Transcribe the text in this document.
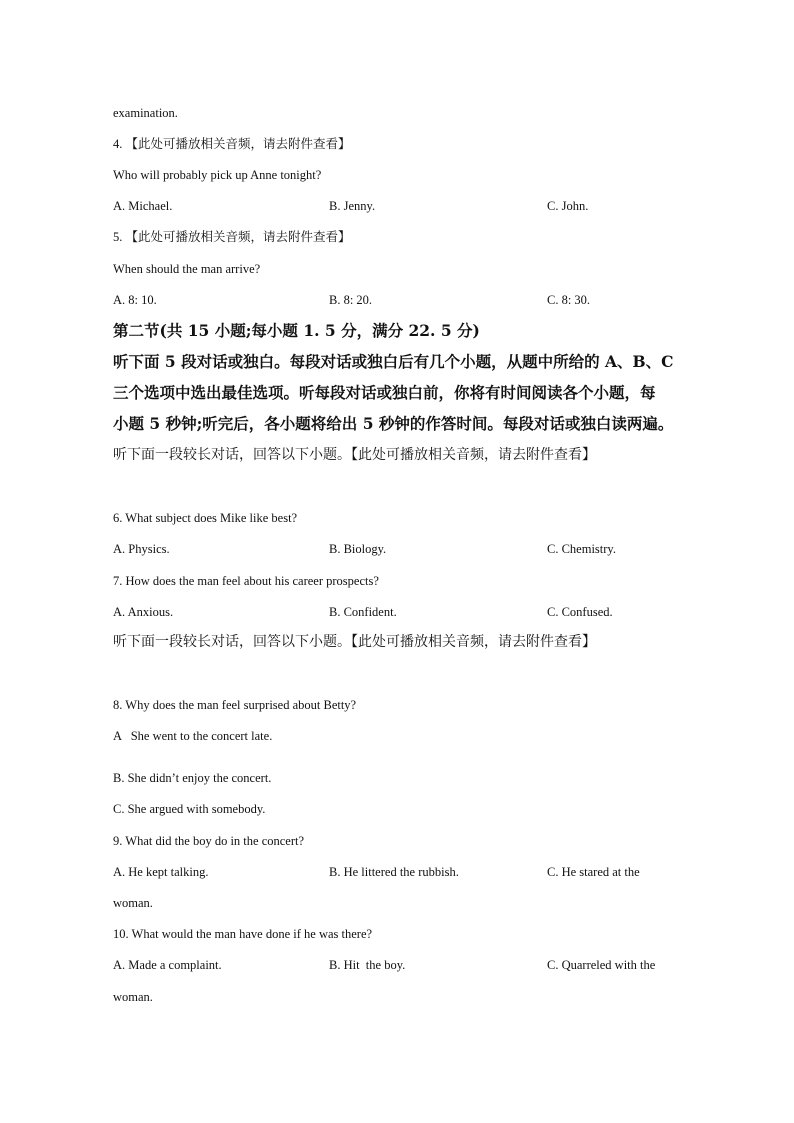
examination.
4. 【此处可播放相关音频，请去附件查看】
Who will probably pick up Anne tonight?
A. Michael.	B. Jenny.	C. John.
5. 【此处可播放相关音频，请去附件查看】
When should the man arrive?
A. 8: 10.	B. 8: 20.	C. 8: 30.
第二节(共 15 小题;每小题 1. 5 分，满分 22. 5 分)
听下面 5 段对话或独白。每段对话或独白后有几个小题，从题中所给的 A、B、C
三个选项中选出最佳选项。听每段对话或独白前，你将有时间阅读各个小题，每
小题 5 秒钟;听完后，各小题将给出 5 秒钟的作答时间。每段对话或独白读两遍。
听下面一段较长对话，回答以下小题。【此处可播放相关音频，请去附件查看】
6. What subject does Mike like best?
A. Physics.	B. Biology.	C. Chemistry.
7. How does the man feel about his career prospects?
A. Anxious.	B. Confident.	C. Confused.
听下面一段较长对话，回答以下小题。【此处可播放相关音频，请去附件查看】
8. Why does the man feel surprised about Betty?
A   She went to the concert late.
B. She didn’t enjoy the concert.
C. She argued with somebody.
9. What did the boy do in the concert?
A. He kept talking.	B. He littered the rubbish.	C. He stared at the
woman.
10. What would the man have done if he was there?
A. Made a complaint.	B. Hit  the boy.	C. Quarreled with the
woman.
